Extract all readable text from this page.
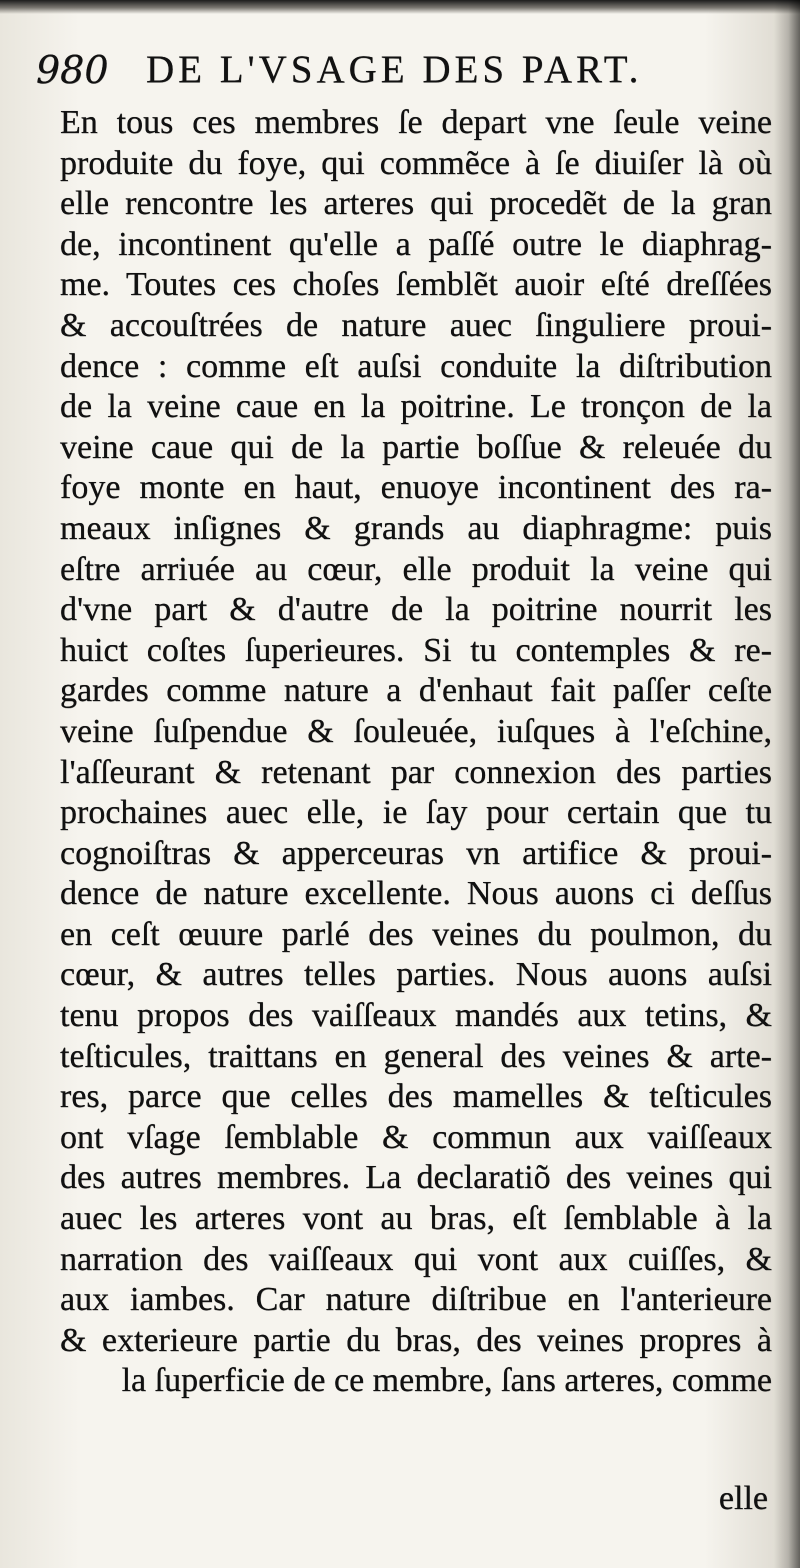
980 DE L'VSAGE DES PART.
En tous ces membres ſe depart vne ſeule veine
produite du foye, qui commẽce à ſe diuiſer là où
elle rencontre les arteres qui procedẽt de la gran
de, incontinent qu'elle a paſſé outre le diaphrag-
me. Toutes ces choſes ſemblẽt auoir eſté dreſſées
& accouſtrées de nature auec ſinguliere proui-
dence : comme eſt auſsi conduite la diſtribution
de la veine caue en la poitrine. Le tronçon de la
veine caue qui de la partie boſſue & releuée du
foye monte en haut, enuoye incontinent des ra-
meaux inſignes & grands au diaphragme: puis
eſtre arriuée au cœur, elle produit la veine qui
d'vne part & d'autre de la poitrine nourrit les
huict coſtes ſuperieures. Si tu contemples & re-
gardes comme nature a d'enhaut fait paſſer ceſte
veine ſuſpendue & ſouleuée, iuſques à l'eſchine,
l'aſſeurant & retenant par connexion des parties
prochaines auec elle, ie ſay pour certain que tu
cognoiſtras & apperceuras vn artifice & proui-
dence de nature excellente. Nous auons ci deſſus
en ceſt œuure parlé des veines du poulmon, du
cœur, & autres telles parties. Nous auons auſsi
tenu propos des vaiſſeaux mandés aux tetins, &
teſticules, traittans en general des veines & arte-
res, parce que celles des mamelles & teſticules
ont vſage ſemblable & commun aux vaiſſeaux
des autres membres. La declaratiõ des veines qui
auec les arteres vont au bras, eſt ſemblable à la
narration des vaiſſeaux qui vont aux cuiſſes, &
aux iambes. Car nature diſtribue en l'anterieure
& exterieure partie du bras, des veines propres à
la ſuperficie de ce membre, ſans arteres, comme
elle
